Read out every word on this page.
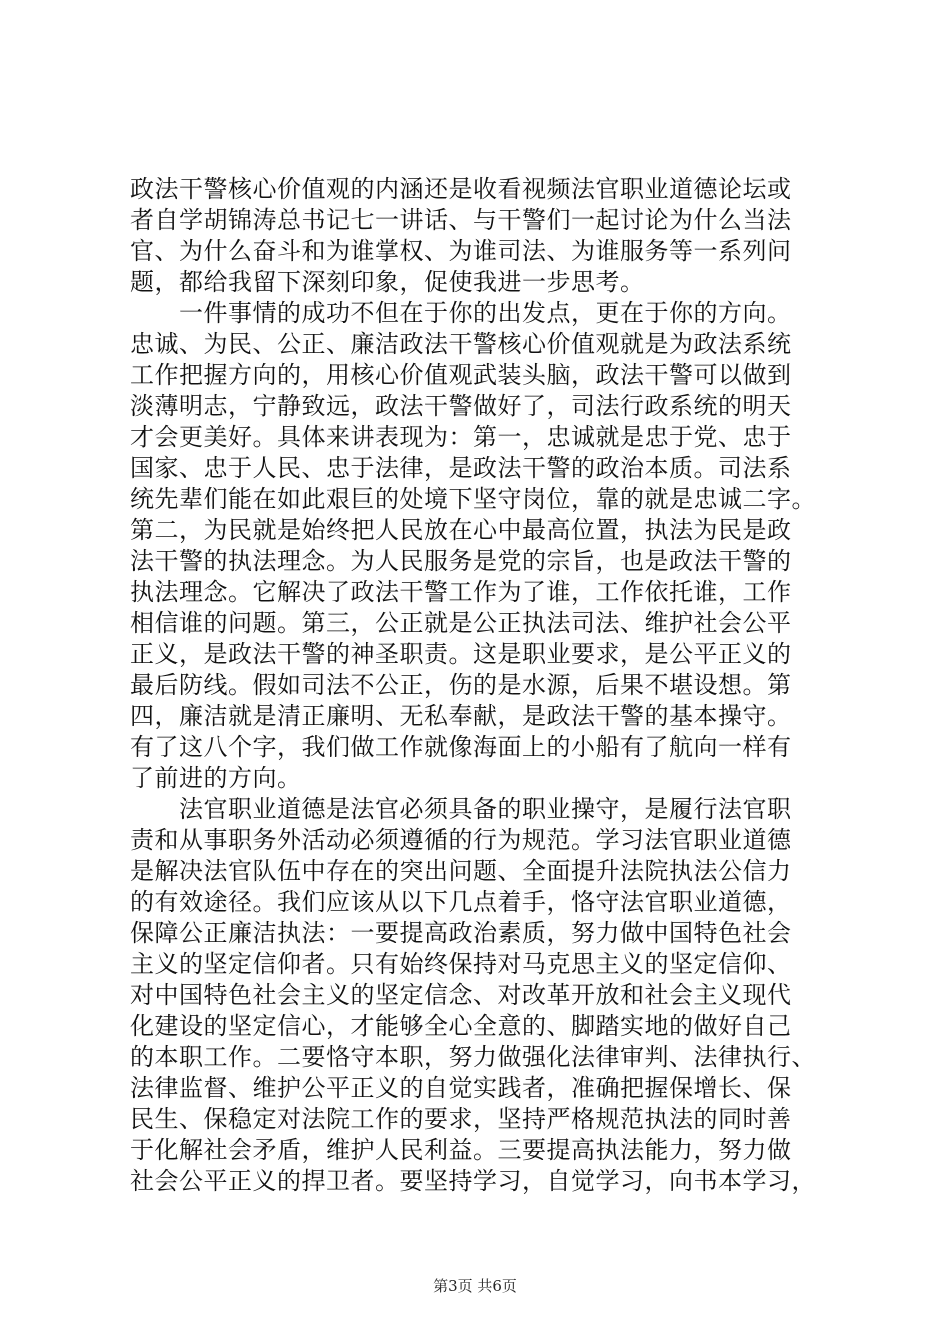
政法干警核心价值观的内涵还是收看视频法官职业道德论坛或
者自学胡锦涛总书记七一讲话、与干警们一起讨论为什么当法
官、为什么奋斗和为谁掌权、为谁司法、为谁服务等一系列问
题，都给我留下深刻印象，促使我进一步思考。
　　一件事情的成功不但在于你的出发点，更在于你的方向。
忠诚、为民、公正、廉洁政法干警核心价值观就是为政法系统
工作把握方向的，用核心价值观武装头脑，政法干警可以做到
淡薄明志，宁静致远，政法干警做好了，司法行政系统的明天
才会更美好。具体来讲表现为：第一，忠诚就是忠于党、忠于
国家、忠于人民、忠于法律，是政法干警的政治本质。司法系
统先辈们能在如此艰巨的处境下坚守岗位，靠的就是忠诚二字。
第二，为民就是始终把人民放在心中最高位置，执法为民是政
法干警的执法理念。为人民服务是党的宗旨，也是政法干警的
执法理念。它解决了政法干警工作为了谁，工作依托谁，工作
相信谁的问题。第三，公正就是公正执法司法、维护社会公平
正义，是政法干警的神圣职责。这是职业要求，是公平正义的
最后防线。假如司法不公正，伤的是水源，后果不堪设想。第
四，廉洁就是清正廉明、无私奉献，是政法干警的基本操守。
有了这八个字，我们做工作就像海面上的小船有了航向一样有
了前进的方向。
　　法官职业道德是法官必须具备的职业操守，是履行法官职
责和从事职务外活动必须遵循的行为规范。学习法官职业道德
是解决法官队伍中存在的突出问题、全面提升法院执法公信力
的有效途径。我们应该从以下几点着手，恪守法官职业道德，
保障公正廉洁执法：一要提高政治素质，努力做中国特色社会
主义的坚定信仰者。只有始终保持对马克思主义的坚定信仰、
对中国特色社会主义的坚定信念、对改革开放和社会主义现代
化建设的坚定信心，才能够全心全意的、脚踏实地的做好自己
的本职工作。二要恪守本职，努力做强化法律审判、法律执行、
法律监督、维护公平正义的自觉实践者，准确把握保增长、保
民生、保稳定对法院工作的要求，坚持严格规范执法的同时善
于化解社会矛盾，维护人民利益。三要提高执法能力，努力做
社会公平正义的捍卫者。要坚持学习，自觉学习，向书本学习，
第3页 共6页
